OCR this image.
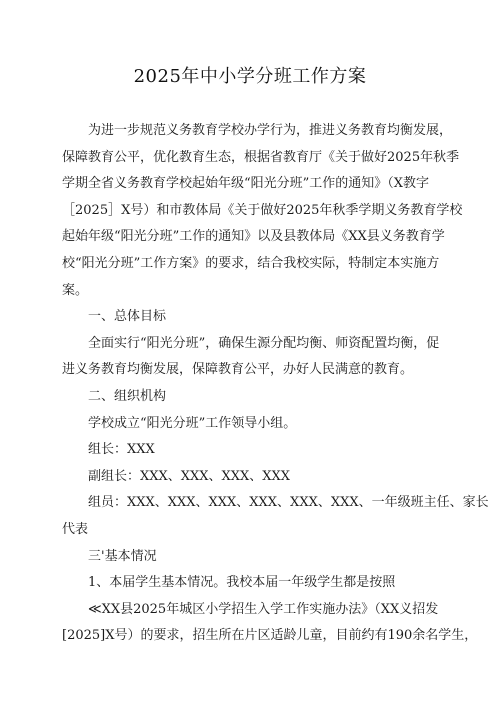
2025年中小学分班工作方案
为进一步规范义务教育学校办学行为，推进义务教育均衡发展，
保障教育公平，优化教育生态，根据省教育厅《关于做好2025年秋季
学期全省义务教育学校起始年级“阳光分班”工作的通知》（X教字
［2025］X号）和市教体局《关于做好2025年秋季学期义务教育学校
起始年级“阳光分班”工作的通知》以及县教体局《XX县义务教育学
校“阳光分班”工作方案》的要求，结合我校实际，特制定本实施方
案。
一、总体目标
全面实行“阳光分班”，确保生源分配均衡、师资配置均衡，促
进义务教育均衡发展，保障教育公平，办好人民满意的教育。
二、组织机构
学校成立“阳光分班”工作领导小组。
组长：XXX
副组长：XXX、XXX、XXX、XXX
组员：XXX、XXX、XXX、XXX、XXX、XXX、一年级班主任、家长
代表
三'基本情况
1、本届学生基本情况。我校本届一年级学生都是按照
≪XX县2025年城区小学招生入学工作实施办法》（XX义招发
[2025]X号）的要求，招生所在片区适龄儿童，目前约有190余名学生，
